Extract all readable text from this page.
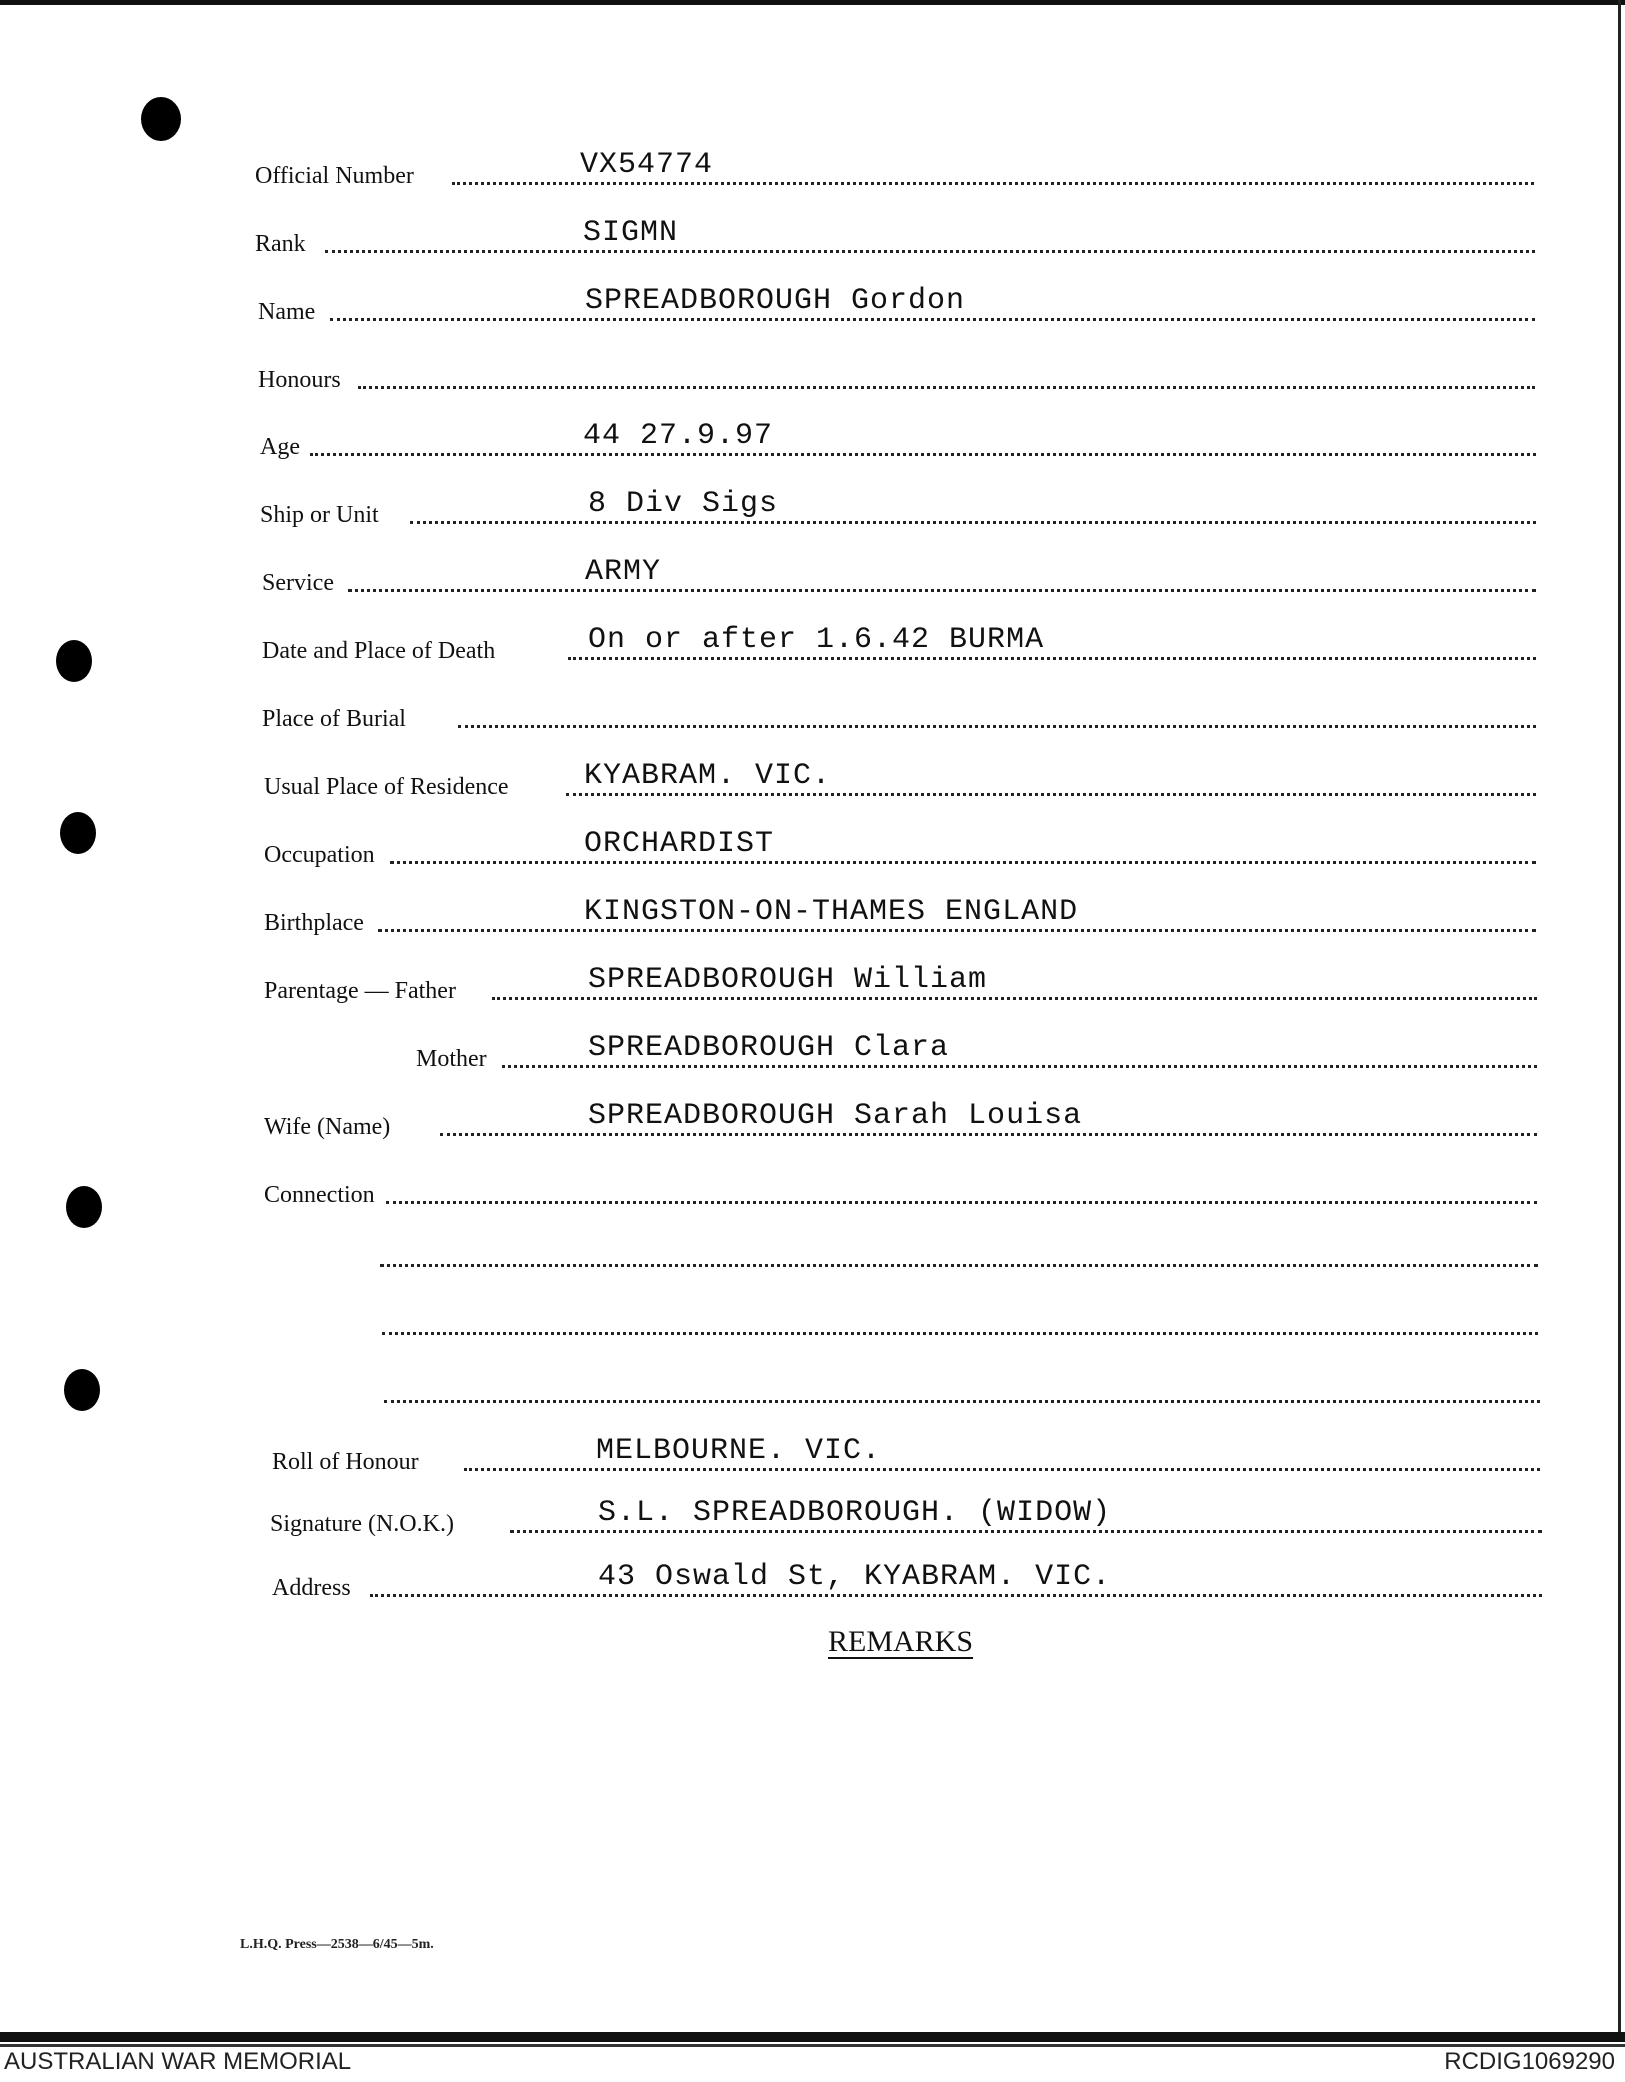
Official Number	VX54774
Rank	SIGMN
Name	SPREADBOROUGH Gordon
Honours
Age	44 27.9.97
Ship or Unit	8 Div Sigs
Service	ARMY
Date and Place of Death	On or after 1.6.42 BURMA
Place of Burial
Usual Place of Residence	KYABRAM. VIC.
Occupation	ORCHARDIST
Birthplace	KINGSTON-ON-THAMES ENGLAND
Parentage — Father	SPREADBOROUGH William
Mother	SPREADBOROUGH Clara
Wife (Name)	SPREADBOROUGH Sarah Louisa
Connection
Roll of Honour	MELBOURNE. VIC.
Signature (N.O.K.)	S.L. SPREADBOROUGH. (WIDOW)
Address	43 Oswald St, KYABRAM. VIC.
REMARKS
L.H.Q. Press—2538—6/45—5m.
AUSTRALIAN WAR MEMORIAL	RCDIG1069290
